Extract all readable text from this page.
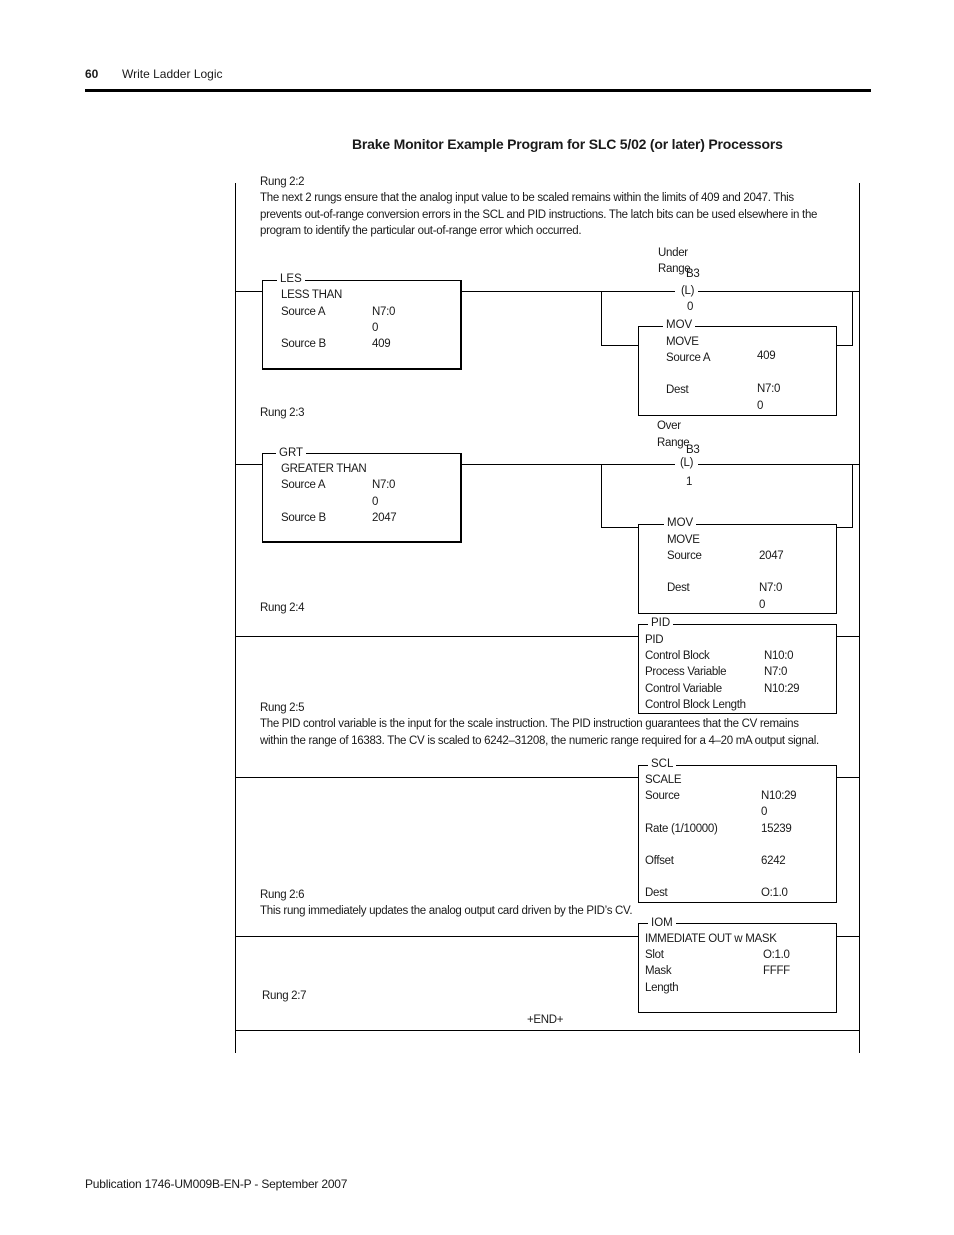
60 Write Ladder Logic
Brake Monitor Example Program for SLC 5/02 (or later) Processors
Rung 2:2
The next 2 rungs ensure that the analog input value to be scaled remains within the limits of 409 and 2047. This
prevents out-of-range conversion errors in the SCL and PID instructions. The latch bits can be used elsewhere in the
program to identify the particular out-of-range error which occurred.
LES
LESS THAN
Source A	N7:0
0
Source B	409
Under
Range
B3
(L)
0
MOV
MOVE
Source A	409
Dest	N7:0
0
Rung 2:3
GRT
GREATER THAN
Source A	N7:0
0
Source B	2047
Over
Range
B3
(L)
1
MOV
MOVE
Source	2047
Dest	N7:0
0
Rung 2:4
PID
PID
Control Block	N10:0
Process Variable	N7:0
Control Variable	N10:29
Control Block Length
Rung 2:5
The PID control variable is the input for the scale instruction. The PID instruction guarantees that the CV remains
within the range of 16383. The CV is scaled to 6242–31208, the numeric range required for a 4–20 mA output signal.
SCL
SCALE
Source	N10:29
0
Rate (1/10000)	15239
Offset	6242
Dest	O:1.0
Rung 2:6
This rung immediately updates the analog output card driven by the PID’s CV.
IOM
IMMEDIATE OUT w MASK
Slot	O:1.0
Mask	FFFF
Length
Rung 2:7
+END+
Publication 1746-UM009B-EN-P - September 2007
